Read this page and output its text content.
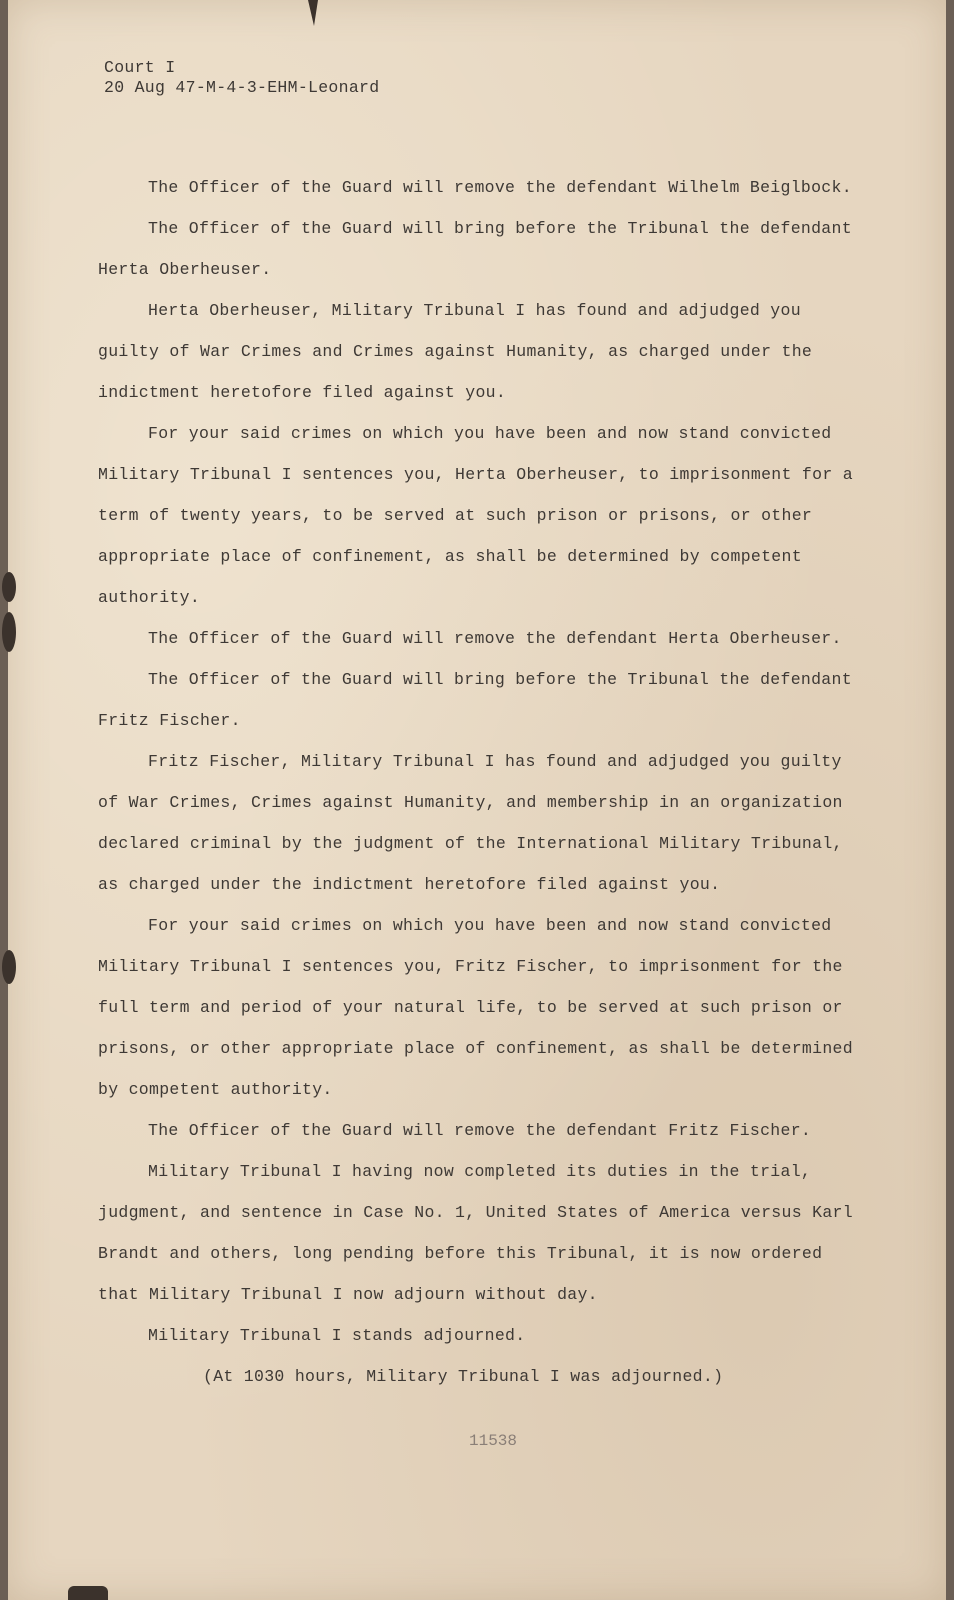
Court I
20 Aug 47-M-4-3-EHM-Leonard

The Officer of the Guard will remove the defendant Wilhelm Beiglbock.

The Officer of the Guard will bring before the Tribunal the defendant Herta Oberheuser.

Herta Oberheuser, Military Tribunal I has found and adjudged you guilty of War Crimes and Crimes against Humanity, as charged under the indictment heretofore filed against you.

For your said crimes on which you have been and now stand convicted Military Tribunal I sentences you, Herta Oberheuser, to imprisonment for a term of twenty years, to be served at such prison or prisons, or other appropriate place of confinement, as shall be determined by competent authority.

The Officer of the Guard will remove the defendant Herta Oberheuser.

The Officer of the Guard will bring before the Tribunal the defendant Fritz Fischer.

Fritz Fischer, Military Tribunal I has found and adjudged you guilty of War Crimes, Crimes against Humanity, and membership in an organization declared criminal by the judgment of the International Military Tribunal, as charged under the indictment heretofore filed against you.

For your said crimes on which you have been and now stand convicted Military Tribunal I sentences you, Fritz Fischer, to imprisonment for the full term and period of your natural life, to be served at such prison or prisons, or other appropriate place of confinement, as shall be determined by competent authority.

The Officer of the Guard will remove the defendant Fritz Fischer.

Military Tribunal I having now completed its duties in the trial, judgment, and sentence in Case No. 1, United States of America versus Karl Brandt and others, long pending before this Tribunal, it is now ordered that Military Tribunal I now adjourn without day.

Military Tribunal I stands adjourned.

(At 1030 hours, Military Tribunal I was adjourned.)

11538
